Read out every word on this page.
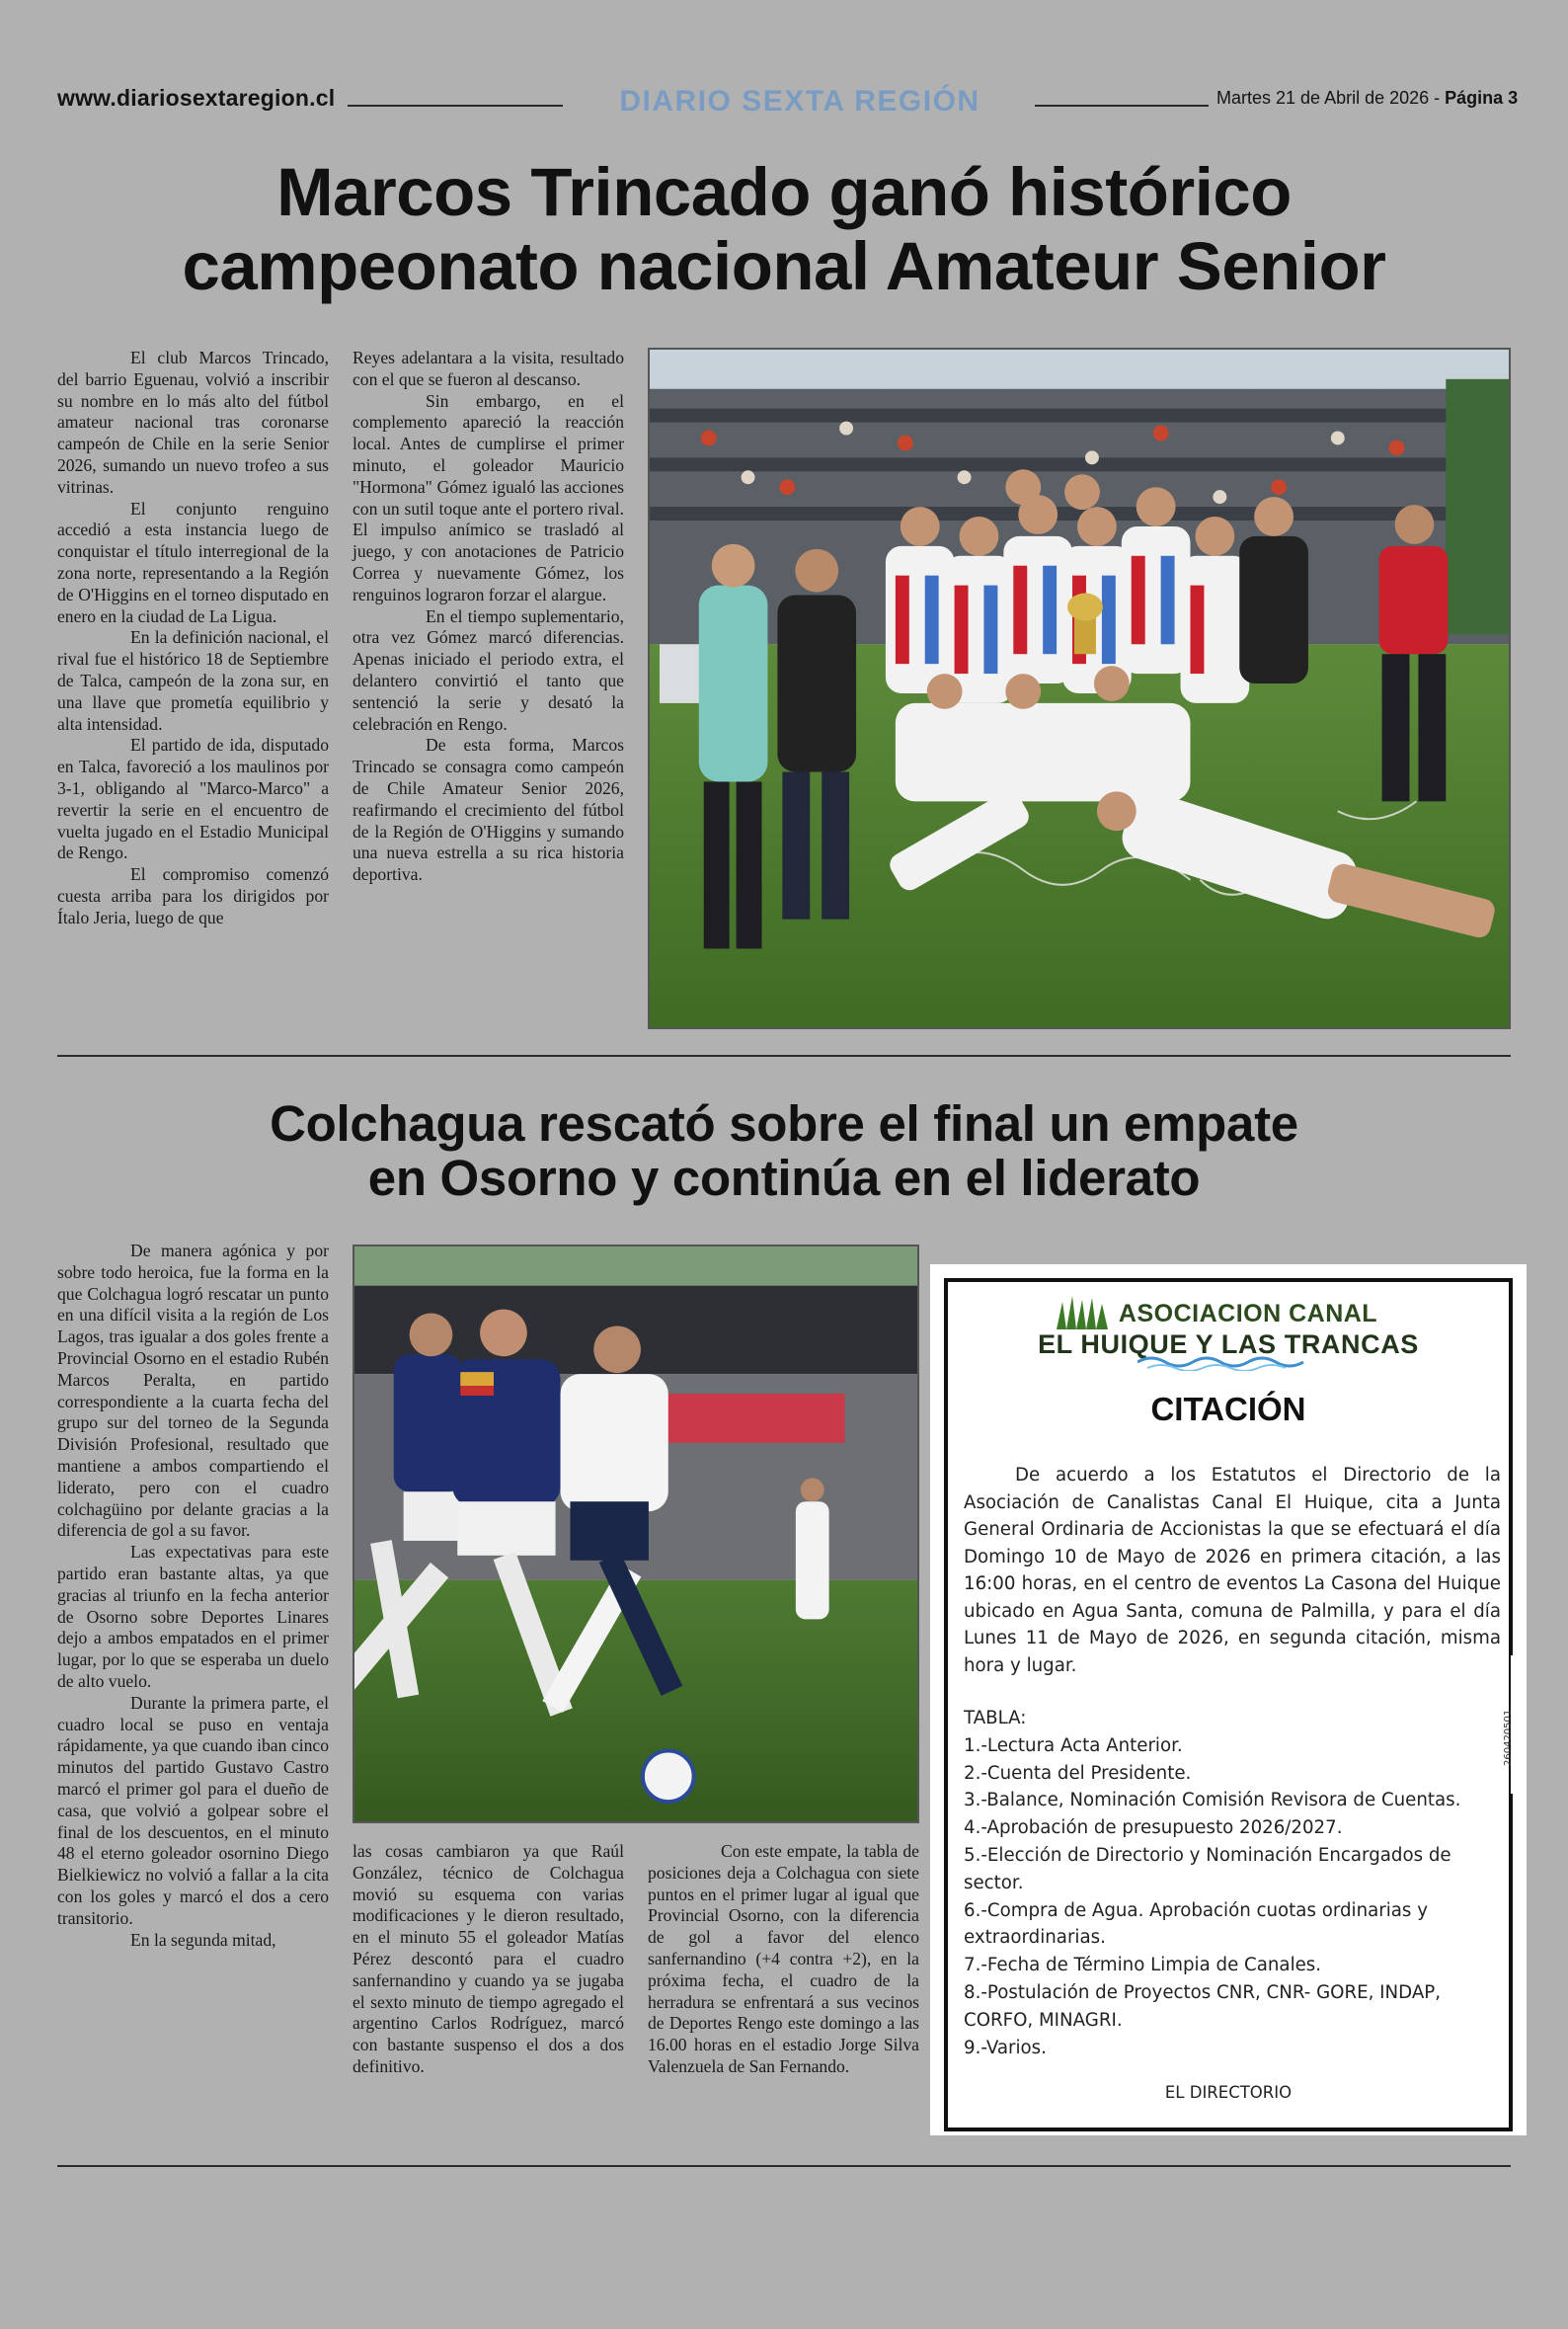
www.diariosextaregion.cl	DIARIO SEXTA REGIÓN	Martes 21 de Abril de 2026 - Página 3
Marcos Trincado ganó histórico
campeonato nacional Amateur Senior

El club Marcos Trincado, del barrio Eguenau, volvió a inscribir su nombre en lo más alto del fútbol amateur nacional tras coronarse campeón de Chile en la serie Senior 2026, sumando un nuevo trofeo a sus vitrinas.

El conjunto renguino accedió a esta instancia luego de conquistar el título interregional de la zona norte, representando a la Región de O'Higgins en el torneo disputado en enero en la ciudad de La Ligua.

En la definición nacional, el rival fue el histórico 18 de Septiembre de Talca, campeón de la zona sur, en una llave que prometía equilibrio y alta intensidad.

El partido de ida, disputado en Talca, favoreció a los maulinos por 3-1, obligando al "Marco-Marco" a revertir la serie en el encuentro de vuelta jugado en el Estadio Municipal de Rengo.

El compromiso comenzó cuesta arriba para los dirigidos por Ítalo Jeria, luego de que

Reyes adelantara a la visita, resultado con el que se fueron al descanso.

Sin embargo, en el complemento apareció la reacción local. Antes de cumplirse el primer minuto, el goleador Mauricio "Hormona" Gómez igualó las acciones con un sutil toque ante el portero rival. El impulso anímico se trasladó al juego, y con anotaciones de Patricio Correa y nuevamente Gómez, los renguinos lograron forzar el alargue.

En el tiempo suplementario, otra vez Gómez marcó diferencias. Apenas iniciado el periodo extra, el delantero convirtió el tanto que sentenció la serie y desató la celebración en Rengo.

De esta forma, Marcos Trincado se consagra como campeón de Chile Amateur Senior 2026, reafirmando el crecimiento del fútbol de la Región de O'Higgins y sumando una nueva estrella a su rica historia deportiva.

Colchagua rescató sobre el final un empate
en Osorno y continúa en el liderato

De manera agónica y por sobre todo heroica, fue la forma en la que Colchagua logró rescatar un punto en una difícil visita a la región de Los Lagos, tras igualar a dos goles frente a Provincial Osorno en el estadio Rubén Marcos Peralta, en partido correspondiente a la cuarta fecha del grupo sur del torneo de la Segunda División Profesional, resultado que mantiene a ambos compartiendo el liderato, pero con el cuadro colchagüino por delante gracias a la diferencia de gol a su favor.

Las expectativas para este partido eran bastante altas, ya que gracias al triunfo en la fecha anterior de Osorno sobre Deportes Linares dejo a ambos empatados en el primer lugar, por lo que se esperaba un duelo de alto vuelo.

Durante la primera parte, el cuadro local se puso en ventaja rápidamente, ya que cuando iban cinco minutos del partido Gustavo Castro marcó el primer gol para el dueño de casa, que volvió a golpear sobre el final de los descuentos, en el minuto 48 el eterno goleador osornino Diego Bielkiewicz no volvió a fallar a la cita con los goles y marcó el dos a cero transitorio.

En la segunda mitad,

las cosas cambiaron ya que Raúl González, técnico de Colchagua movió su esquema con varias modificaciones y le dieron resultado, en el minuto 55 el goleador Matías Pérez descontó para el cuadro sanfernandino y cuando ya se jugaba el sexto minuto de tiempo agregado el argentino Carlos Rodríguez, marcó con bastante suspenso el dos a dos definitivo.

Con este empate, la tabla de posiciones deja a Colchagua con siete puntos en el primer lugar al igual que Provincial Osorno, con la diferencia de gol a favor del elenco sanfernandino (+4 contra +2), en la próxima fecha, el cuadro de la herradura se enfrentará a sus vecinos de Deportes Rengo este domingo a las 16.00 horas en el estadio Jorge Silva Valenzuela de San Fernando.

ASOCIACION CANAL
EL HUIQUE Y LAS TRANCAS
CITACIÓN

De acuerdo a los Estatutos el Directorio de la Asociación de Canalistas Canal El Huique, cita a Junta General Ordinaria de Accionistas la que se efectuará el día Domingo 10 de Mayo de 2026 en primera citación, a las 16:00 horas, en el centro de eventos La Casona del Huique ubicado en Agua Santa, comuna de Palmilla, y para el día Lunes 11 de Mayo de 2026, en segunda citación, misma hora y lugar.

TABLA:
1.-Lectura Acta Anterior.
2.-Cuenta del Presidente.
3.-Balance, Nominación Comisión Revisora de Cuentas.
4.-Aprobación de presupuesto 2026/2027.
5.-Elección de Directorio y Nominación Encargados de sector.
6.-Compra de Agua. Aprobación cuotas ordinarias y extraordinarias.
7.-Fecha de Término Limpia de Canales.
8.-Postulación de Proyectos CNR, CNR- GORE, INDAP, CORFO, MINAGRI.
9.-Varios.
EL DIRECTORIO
260420501
